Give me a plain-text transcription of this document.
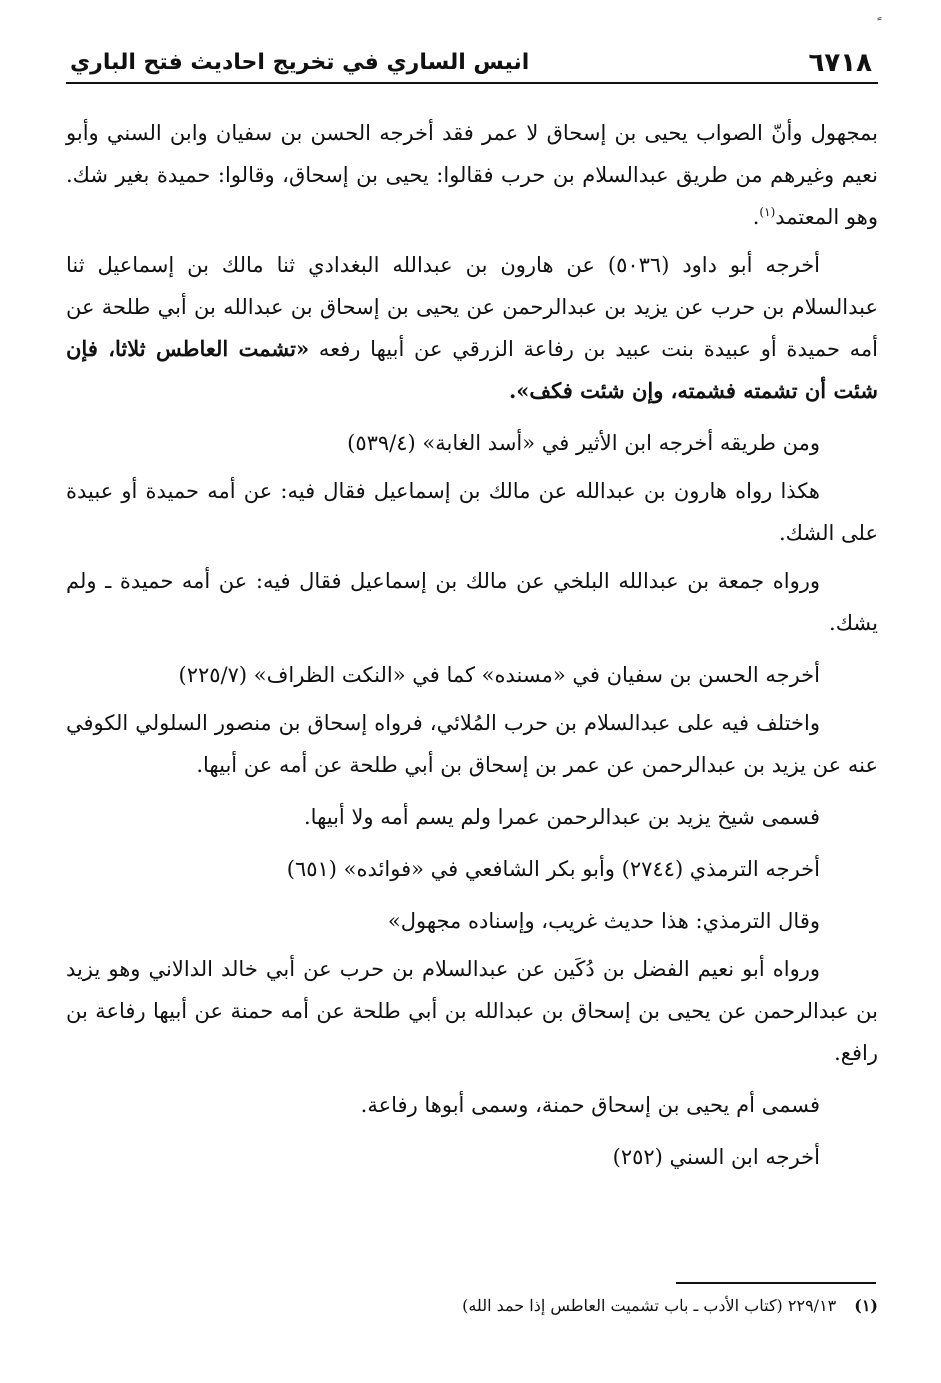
٦٧١٨
انيس الساري في تخريج احاديث فتح الباري

بمجهول وأنّ الصواب يحيى بن إسحاق لا عمر فقد أخرجه الحسن بن سفيان وابن السني وأبو نعيم وغيرهم من طريق عبدالسلام بن حرب فقالوا: يحيى بن إسحاق، وقالوا: حميدة بغير شك. وهو المعتمد$^{(١)}$.

أخرجه أبو داود (٥٠٣٦) عن هارون بن عبدالله البغدادي ثنا مالك بن إسماعيل ثنا عبدالسلام بن حرب عن يزيد بن عبدالرحمن عن يحيى بن إسحاق بن عبدالله بن أبي طلحة عن أمه حميدة أو عبيدة بنت عبيد بن رفاعة الزرقي عن أبيها رفعه «تشمت العاطس ثلاثا، فإن شئت أن تشمته فشمته، وإن شئت فكف».

ومن طريقه أخرجه ابن الأثير في «أسد الغابة» (٥٣٩/٤)

هكذا رواه هارون بن عبدالله عن مالك بن إسماعيل فقال فيه: عن أمه حميدة أو عبيدة على الشك.

ورواه جمعة بن عبدالله البلخي عن مالك بن إسماعيل فقال فيه: عن أمه حميدة ـ ولم يشك.

أخرجه الحسن بن سفيان في «مسنده» كما في «النكت الظراف» (٢٢٥/٧)

واختلف فيه على عبدالسلام بن حرب المُلائي، فرواه إسحاق بن منصور السلولي الكوفي عنه عن يزيد بن عبدالرحمن عن عمر بن إسحاق بن أبي طلحة عن أمه عن أبيها.

فسمى شيخ يزيد بن عبدالرحمن عمرا ولم يسم أمه ولا أبيها.

أخرجه الترمذي (٢٧٤٤) وأبو بكر الشافعي في «فوائده» (٦٥١)

وقال الترمذي: هذا حديث غريب، وإسناده مجهول»

ورواه أبو نعيم الفضل بن دُكَين عن عبدالسلام بن حرب عن أبي خالد الدالاني وهو يزيد بن عبدالرحمن عن يحيى بن إسحاق بن عبدالله بن أبي طلحة عن أمه حمنة عن أبيها رفاعة بن رافع.

فسمى أم يحيى بن إسحاق حمنة، وسمى أبوها رفاعة.

أخرجه ابن السني (٢٥٢)

(١)٢٢٩/١٣ (كتاب الأدب ـ باب تشميت العاطس إذا حمد الله)
